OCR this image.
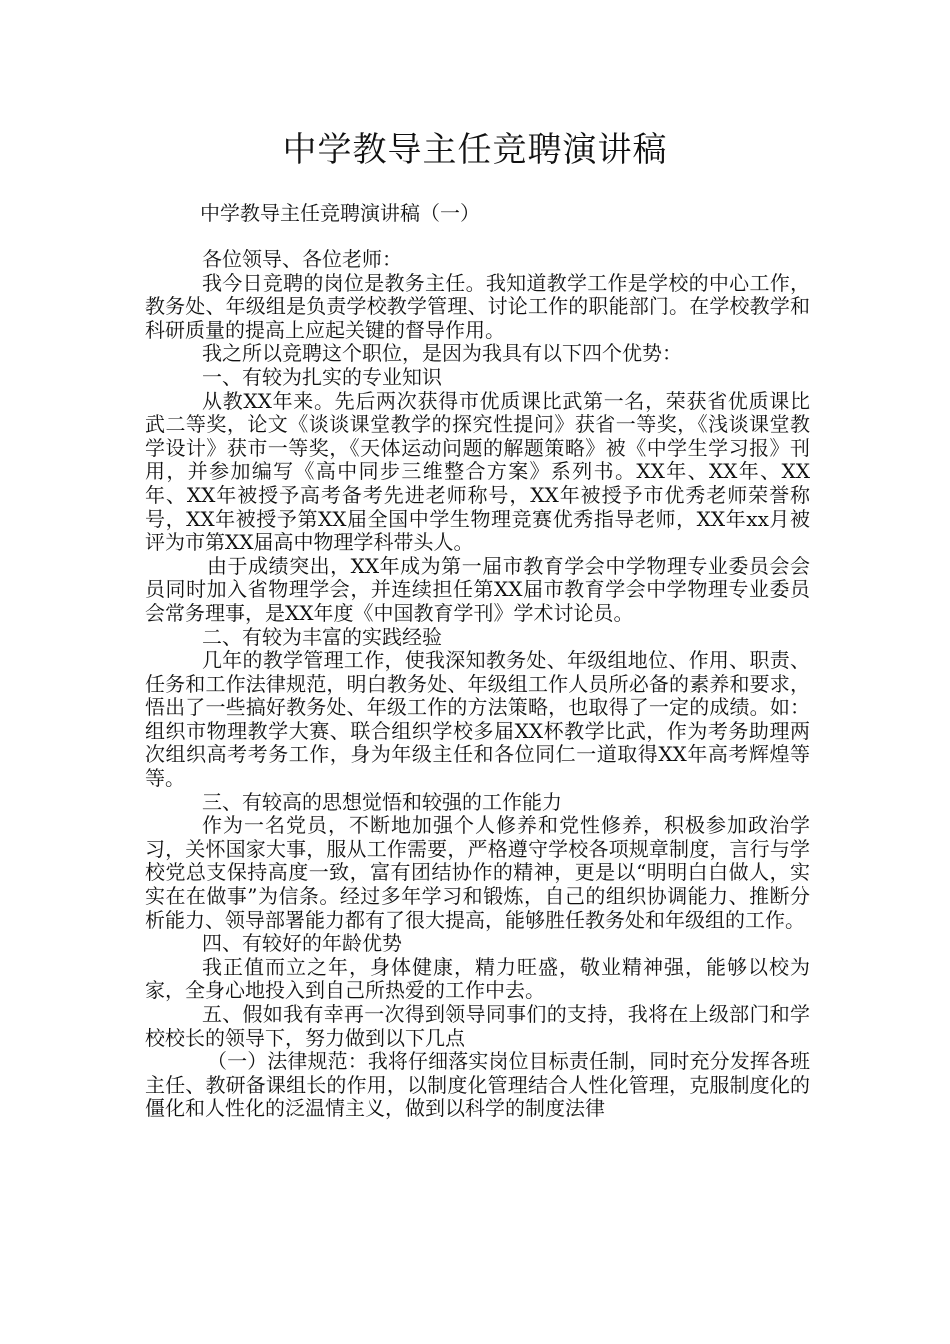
中学教导主任竞聘演讲稿
中学教导主任竞聘演讲稿（一）

各位领导、各位老师：

我今日竞聘的岗位是教务主任。我知道教学工作是学校的中心工作，教务处、年级组是负责学校教学管理、讨论工作的职能部门。在学校教学和科研质量的提高上应起关键的督导作用。

我之所以竞聘这个职位，是因为我具有以下四个优势：

一、有较为扎实的专业知识

从教XX年来。先后两次获得市优质课比武第一名，荣获省优质课比武二等奖，论文《谈谈课堂教学的探究性提问》获省一等奖，《浅谈课堂教学设计》获市一等奖，《天体运动问题的解题策略》被《中学生学习报》刊用，并参加编写《高中同步三维整合方案》系列书。XX年、XX年、XX年、XX年被授予高考备考先进老师称号，XX年被授予市优秀老师荣誉称号，XX年被授予第XX届全国中学生物理竞赛优秀指导老师，XX年xx月被评为市第XX届高中物理学科带头人。

由于成绩突出，XX年成为第一届市教育学会中学物理专业委员会会员同时加入省物理学会，并连续担任第XX届市教育学会中学物理专业委员会常务理事，是XX年度《中国教育学刊》学术讨论员。

二、有较为丰富的实践经验

几年的教学管理工作，使我深知教务处、年级组地位、作用、职责、任务和工作法律规范，明白教务处、年级组工作人员所必备的素养和要求，悟出了一些搞好教务处、年级工作的方法策略，也取得了一定的成绩。如：组织市物理教学大赛、联合组织学校多届XX杯教学比武，作为考务助理两次组织高考考务工作，身为年级主任和各位同仁一道取得XX年高考辉煌等等。

三、有较高的思想觉悟和较强的工作能力

作为一名党员，不断地加强个人修养和党性修养，积极参加政治学习，关怀国家大事，服从工作需要，严格遵守学校各项规章制度，言行与学校党总支保持高度一致，富有团结协作的精神，更是以“明明白白做人，实实在在做事”为信条。经过多年学习和锻炼，自己的组织协调能力、推断分析能力、领导部署能力都有了很大提高，能够胜任教务处和年级组的工作。

四、有较好的年龄优势

我正值而立之年，身体健康，精力旺盛，敬业精神强，能够以校为家，全身心地投入到自己所热爱的工作中去。

五、假如我有幸再一次得到领导同事们的支持，我将在上级部门和学校校长的领导下，努力做到以下几点

（一）法律规范：我将仔细落实岗位目标责任制，同时充分发挥各班主任、教研备课组长的作用，以制度化管理结合人性化管理，克服制度化的僵化和人性化的泛温情主义，做到以科学的制度法律
